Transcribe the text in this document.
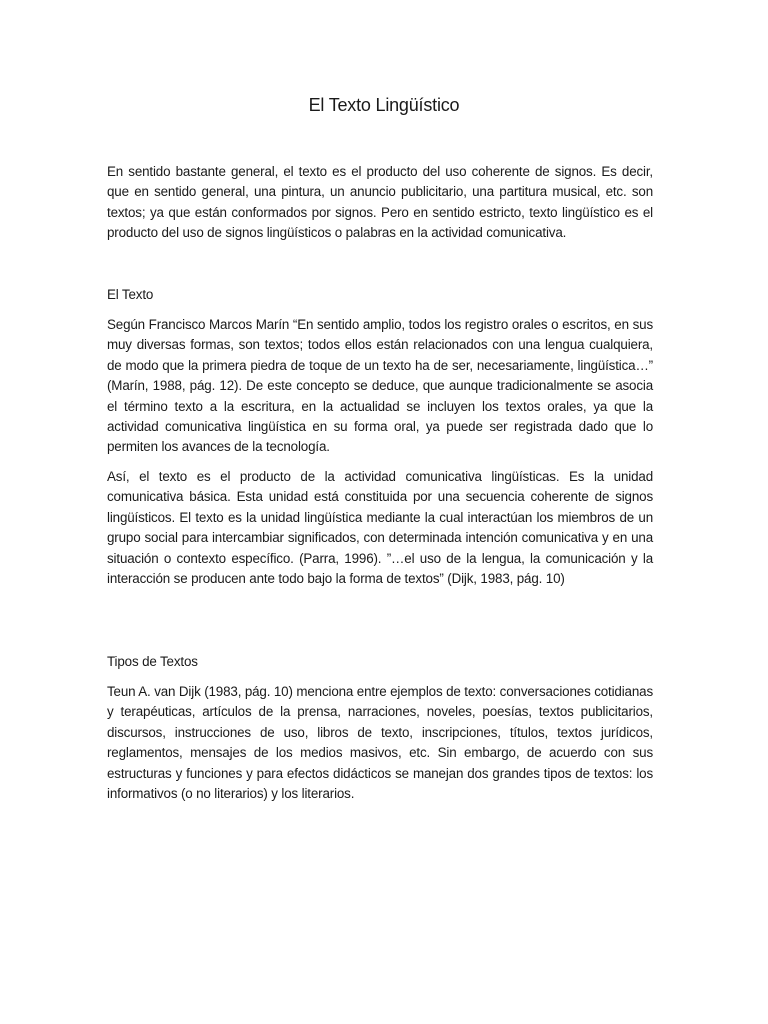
El Texto Lingüístico

En sentido bastante general, el texto es el producto del uso coherente de signos. Es decir, que en sentido general, una pintura, un anuncio publicitario, una partitura musical, etc. son textos; ya que están conformados por signos. Pero en sentido estricto, texto lingüístico es el producto del uso de signos lingüísticos o palabras en la actividad comunicativa.

El Texto

Según Francisco Marcos Marín “En sentido amplio, todos los registro orales o escritos, en sus muy diversas formas, son textos; todos ellos están relacionados con una lengua cualquiera, de modo que la primera piedra de toque de un texto ha de ser, necesariamente, lingüística…” (Marín, 1988, pág. 12). De este concepto se deduce, que aunque tradicionalmente se asocia el término texto a la escritura, en la actualidad se incluyen los textos orales, ya que la actividad comunicativa lingüística en su forma oral, ya puede ser registrada dado que lo permiten los avances de la tecnología.

Así, el texto es el producto de la actividad comunicativa lingüísticas. Es la unidad comunicativa básica. Esta unidad está constituida por una secuencia coherente de signos lingüísticos. El texto es la unidad lingüística mediante la cual interactúan los miembros de un grupo social para intercambiar significados, con determinada intención comunicativa y en una situación o contexto específico. (Parra, 1996). ”…el uso de la lengua, la comunicación y la interacción se producen ante todo bajo la forma de textos” (Dijk, 1983, pág. 10)

Tipos de Textos

Teun A. van Dijk (1983, pág. 10) menciona entre ejemplos de texto: conversaciones cotidianas y terapéuticas, artículos de la prensa, narraciones, noveles, poesías, textos publicitarios, discursos, instrucciones de uso, libros de texto, inscripciones, títulos, textos jurídicos, reglamentos, mensajes de los medios masivos, etc. Sin embargo, de acuerdo con sus estructuras y funciones y para efectos didácticos se manejan dos grandes tipos de textos: los informativos (o no literarios) y los literarios.
